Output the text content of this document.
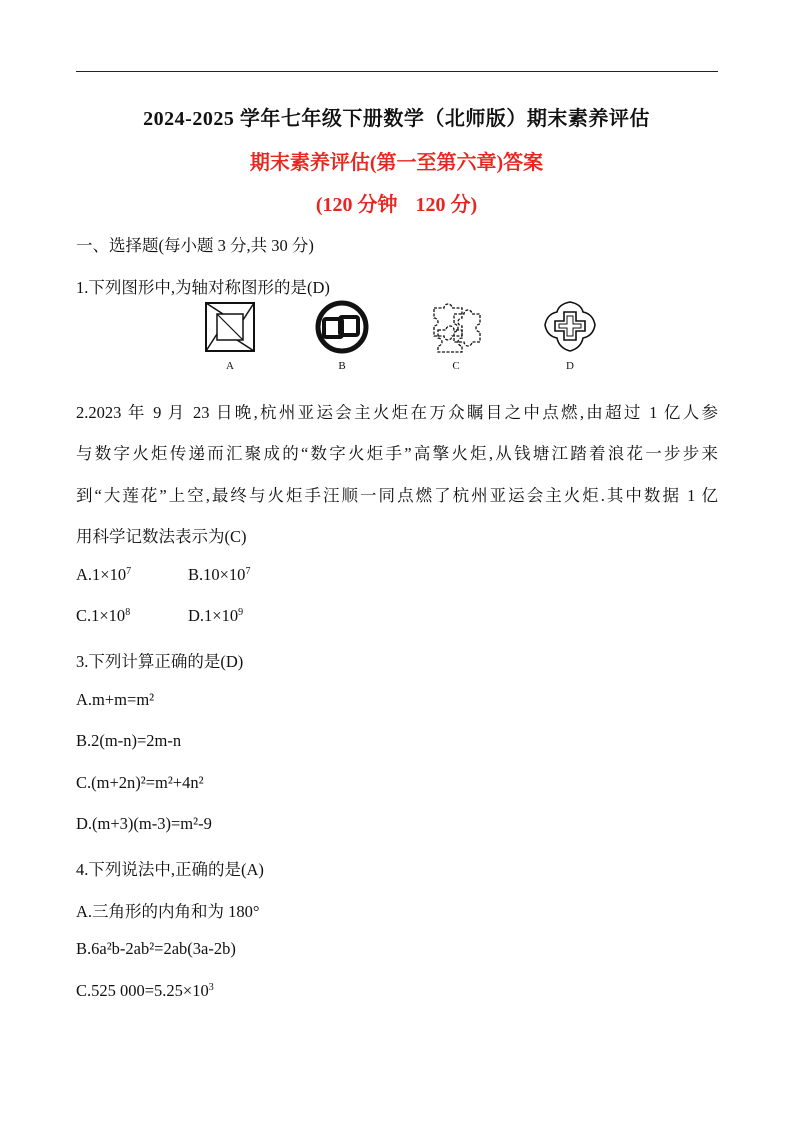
2024-2025 学年七年级下册数学（北师版）期末素养评估
期末素养评估(第一至第六章)答案
(120 分钟 120 分)
一、选择题(每小题 3 分,共 30 分)
1.下列图形中,为轴对称图形的是(D)
A	B	C	D
2.2023 年 9 月 23 日晚,杭州亚运会主火炬在万众瞩目之中点燃,由超过 1 亿人参
与数字火炬传递而汇聚成的“数字火炬手”高擎火炬,从钱塘江踏着浪花一步步来
到“大莲花”上空,最终与火炬手汪顺一同点燃了杭州亚运会主火炬.其中数据 1 亿
用科学记数法表示为(C)
$A.1\times 10^7$	$B.10\times 10^7$
$C.1\times 10^8$	$D.1\times 10^9$
3.下列计算正确的是(D)
A.m+m=m²
B.2(m-n)=2m-n
C.(m+2n)²=m²+4n²
D.(m+3)(m-3)=m²-9
4.下列说法中,正确的是(A)
A.三角形的内角和为 180°
B.6a²b-2ab²=2ab(3a-2b)
C.525 $000=5.25\times 10^3$
